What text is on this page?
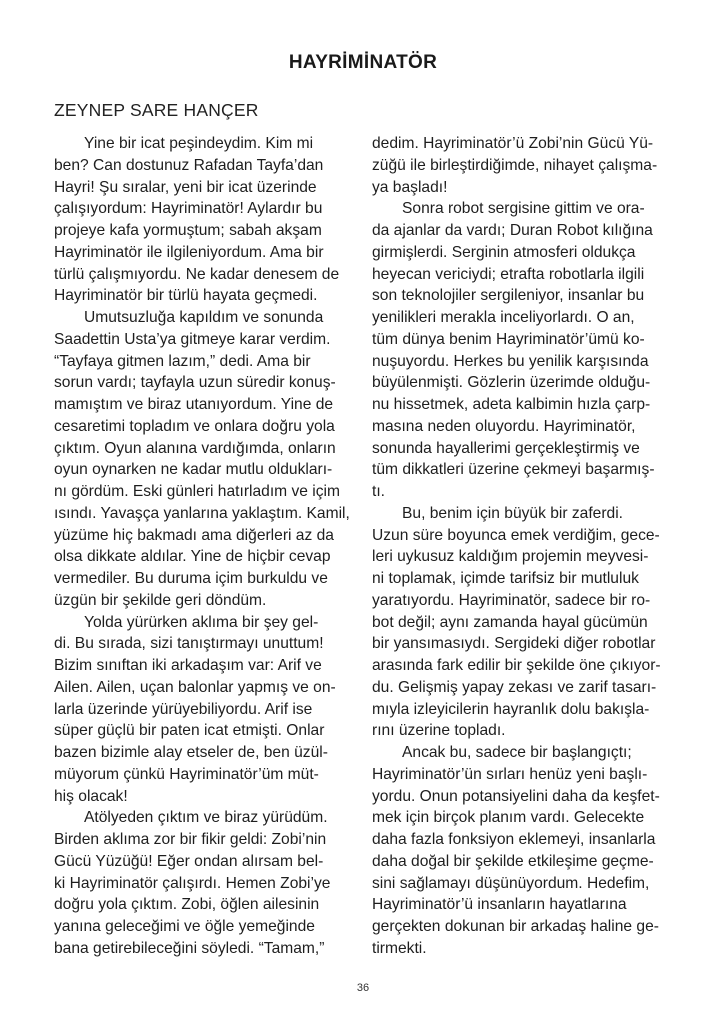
HAYRİMİNATÖR
ZEYNEP SARE HANÇER
Yine bir icat peşindeydim. Kim mi
ben? Can dostunuz Rafadan Tayfa’dan
Hayri! Şu sıralar, yeni bir icat üzerinde
çalışıyordum: Hayriminatör! Aylardır bu
projeye kafa yormuştum; sabah akşam
Hayriminatör ile ilgileniyordum. Ama bir
türlü çalışmıyordu. Ne kadar denesem de
Hayriminatör bir türlü hayata geçmedi.
Umutsuzluğa kapıldım ve sonunda
Saadettin Usta’ya gitmeye karar verdim.
“Tayfaya gitmen lazım,” dedi. Ama bir
sorun vardı; tayfayla uzun süredir konuş-
mamıştım ve biraz utanıyordum. Yine de
cesaretimi topladım ve onlara doğru yola
çıktım. Oyun alanına vardığımda, onların
oyun oynarken ne kadar mutlu oldukları-
nı gördüm. Eski günleri hatırladım ve içim
ısındı. Yavaşça yanlarına yaklaştım. Kamil,
yüzüme hiç bakmadı ama diğerleri az da
olsa dikkate aldılar. Yine de hiçbir cevap
vermediler. Bu duruma içim burkuldu ve
üzgün bir şekilde geri döndüm.
Yolda yürürken aklıma bir şey gel-
di. Bu sırada, sizi tanıştırmayı unuttum!
Bizim sınıftan iki arkadaşım var: Arif ve
Ailen. Ailen, uçan balonlar yapmış ve on-
larla üzerinde yürüyebiliyordu. Arif ise
süper güçlü bir paten icat etmişti. Onlar
bazen bizimle alay etseler de, ben üzül-
müyorum çünkü Hayriminatör’üm müt-
hiş olacak!
Atölyeden çıktım ve biraz yürüdüm.
Birden aklıma zor bir fikir geldi: Zobi’nin
Gücü Yüzüğü! Eğer ondan alırsam bel-
ki Hayriminatör çalışırdı. Hemen Zobi’ye
doğru yola çıktım. Zobi, öğlen ailesinin
yanına geleceğimi ve öğle yemeğinde
bana getirebileceğini söyledi. “Tamam,”
dedim. Hayriminatör’ü Zobi’nin Gücü Yü-
züğü ile birleştirdiğimde, nihayet çalışma-
ya başladı!
Sonra robot sergisine gittim ve ora-
da ajanlar da vardı; Duran Robot kılığına
girmişlerdi. Serginin atmosferi oldukça
heyecan vericiydi; etrafta robotlarla ilgili
son teknolojiler sergileniyor, insanlar bu
yenilikleri merakla inceliyorlardı. O an,
tüm dünya benim Hayriminatör’ümü ko-
nuşuyordu. Herkes bu yenilik karşısında
büyülenmişti. Gözlerin üzerimde olduğu-
nu hissetmek, adeta kalbimin hızla çarp-
masına neden oluyordu. Hayriminatör,
sonunda hayallerimi gerçekleştirmiş ve
tüm dikkatleri üzerine çekmeyi başarmış-
tı.
Bu, benim için büyük bir zaferdi.
Uzun süre boyunca emek verdiğim, gece-
leri uykusuz kaldığım projemin meyvesi-
ni toplamak, içimde tarifsiz bir mutluluk
yaratıyordu. Hayriminatör, sadece bir ro-
bot değil; aynı zamanda hayal gücümün
bir yansımasıydı. Sergideki diğer robotlar
arasında fark edilir bir şekilde öne çıkıyor-
du. Gelişmiş yapay zekası ve zarif tasarı-
mıyla izleyicilerin hayranlık dolu bakışla-
rını üzerine topladı.
Ancak bu, sadece bir başlangıçtı;
Hayriminatör’ün sırları henüz yeni başlı-
yordu. Onun potansiyelini daha da keşfet-
mek için birçok planım vardı. Gelecekte
daha fazla fonksiyon eklemeyi, insanlarla
daha doğal bir şekilde etkileşime geçme-
sini sağlamayı düşünüyordum. Hedefim,
Hayriminatör’ü insanların hayatlarına
gerçekten dokunan bir arkadaş haline ge-
tirmekti.
36
